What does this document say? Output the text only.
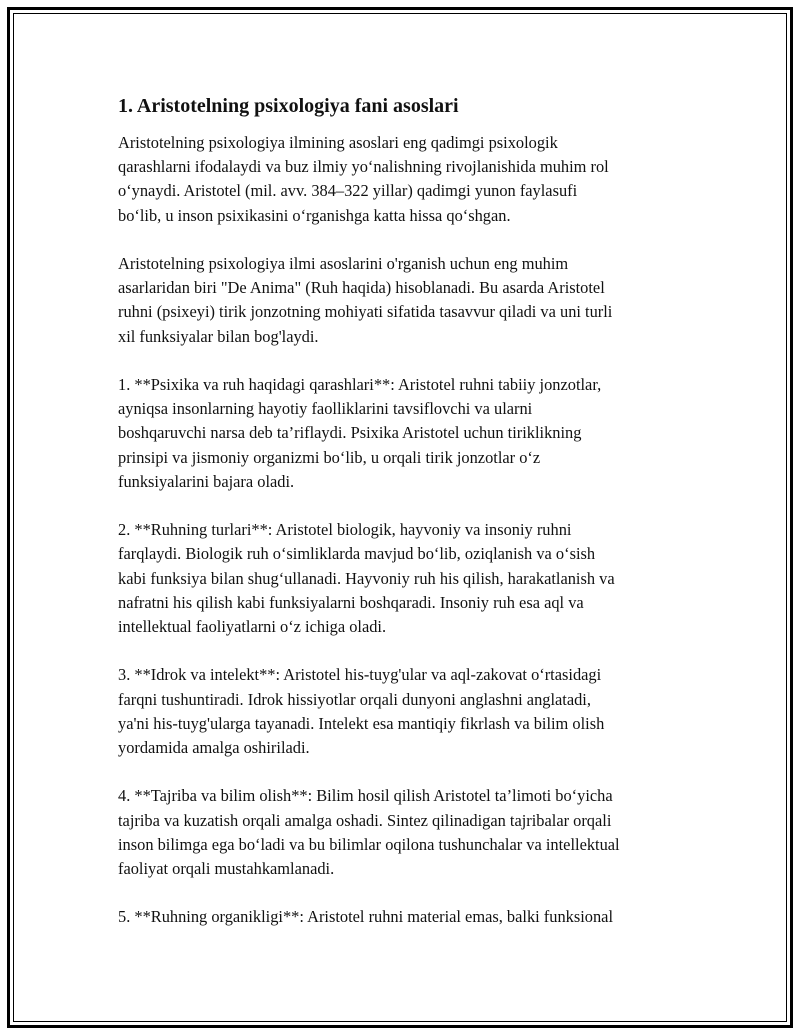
1. Aristotelning psixologiya fani asoslari

Aristotelning psixologiya ilmining asoslari eng qadimgi psixologik
qarashlarni ifodalaydi va buz ilmiy yo‘nalishning rivojlanishida muhim rol
o‘ynaydi. Aristotel (mil. avv. 384–322 yillar) qadimgi yunon faylasufi
bo‘lib, u inson psixikasini o‘rganishga katta hissa qo‘shgan.

Aristotelning psixologiya ilmi asoslarini o'rganish uchun eng muhim
asarlaridan biri "De Anima" (Ruh haqida) hisoblanadi. Bu asarda Aristotel
ruhni (psixeyi) tirik jonzotning mohiyati sifatida tasavvur qiladi va uni turli
xil funksiyalar bilan bog'laydi.

1. **Psixika va ruh haqidagi qarashlari**: Aristotel ruhni tabiiy jonzotlar,
ayniqsa insonlarning hayotiy faolliklarini tavsiflovchi va ularni
boshqaruvchi narsa deb ta’riflaydi. Psixika Aristotel uchun tiriklikning
prinsipi va jismoniy organizmi bo‘lib, u orqali tirik jonzotlar o‘z
funksiyalarini bajara oladi.

2. **Ruhning turlari**: Aristotel biologik, hayvoniy va insoniy ruhni
farqlaydi. Biologik ruh o‘simliklarda mavjud bo‘lib, oziqlanish va o‘sish
kabi funksiya bilan shug‘ullanadi. Hayvoniy ruh his qilish, harakatlanish va
nafratni his qilish kabi funksiyalarni boshqaradi. Insoniy ruh esa aql va
intellektual faoliyatlarni o‘z ichiga oladi.

3. **Idrok va intelekt**: Aristotel his-tuyg'ular va aql-zakovat o‘rtasidagi
farqni tushuntiradi. Idrok hissiyotlar orqali dunyoni anglashni anglatadi,
ya'ni his-tuyg'ularga tayanadi. Intelekt esa mantiqiy fikrlash va bilim olish
yordamida amalga oshiriladi.

4. **Tajriba va bilim olish**: Bilim hosil qilish Aristotel ta’limoti bo‘yicha
tajriba va kuzatish orqali amalga oshadi. Sintez qilinadigan tajribalar orqali
inson bilimga ega bo‘ladi va bu bilimlar oqilona tushunchalar va intellektual
faoliyat orqali mustahkamlanadi.

5. **Ruhning organikligi**: Aristotel ruhni material emas, balki funksional
